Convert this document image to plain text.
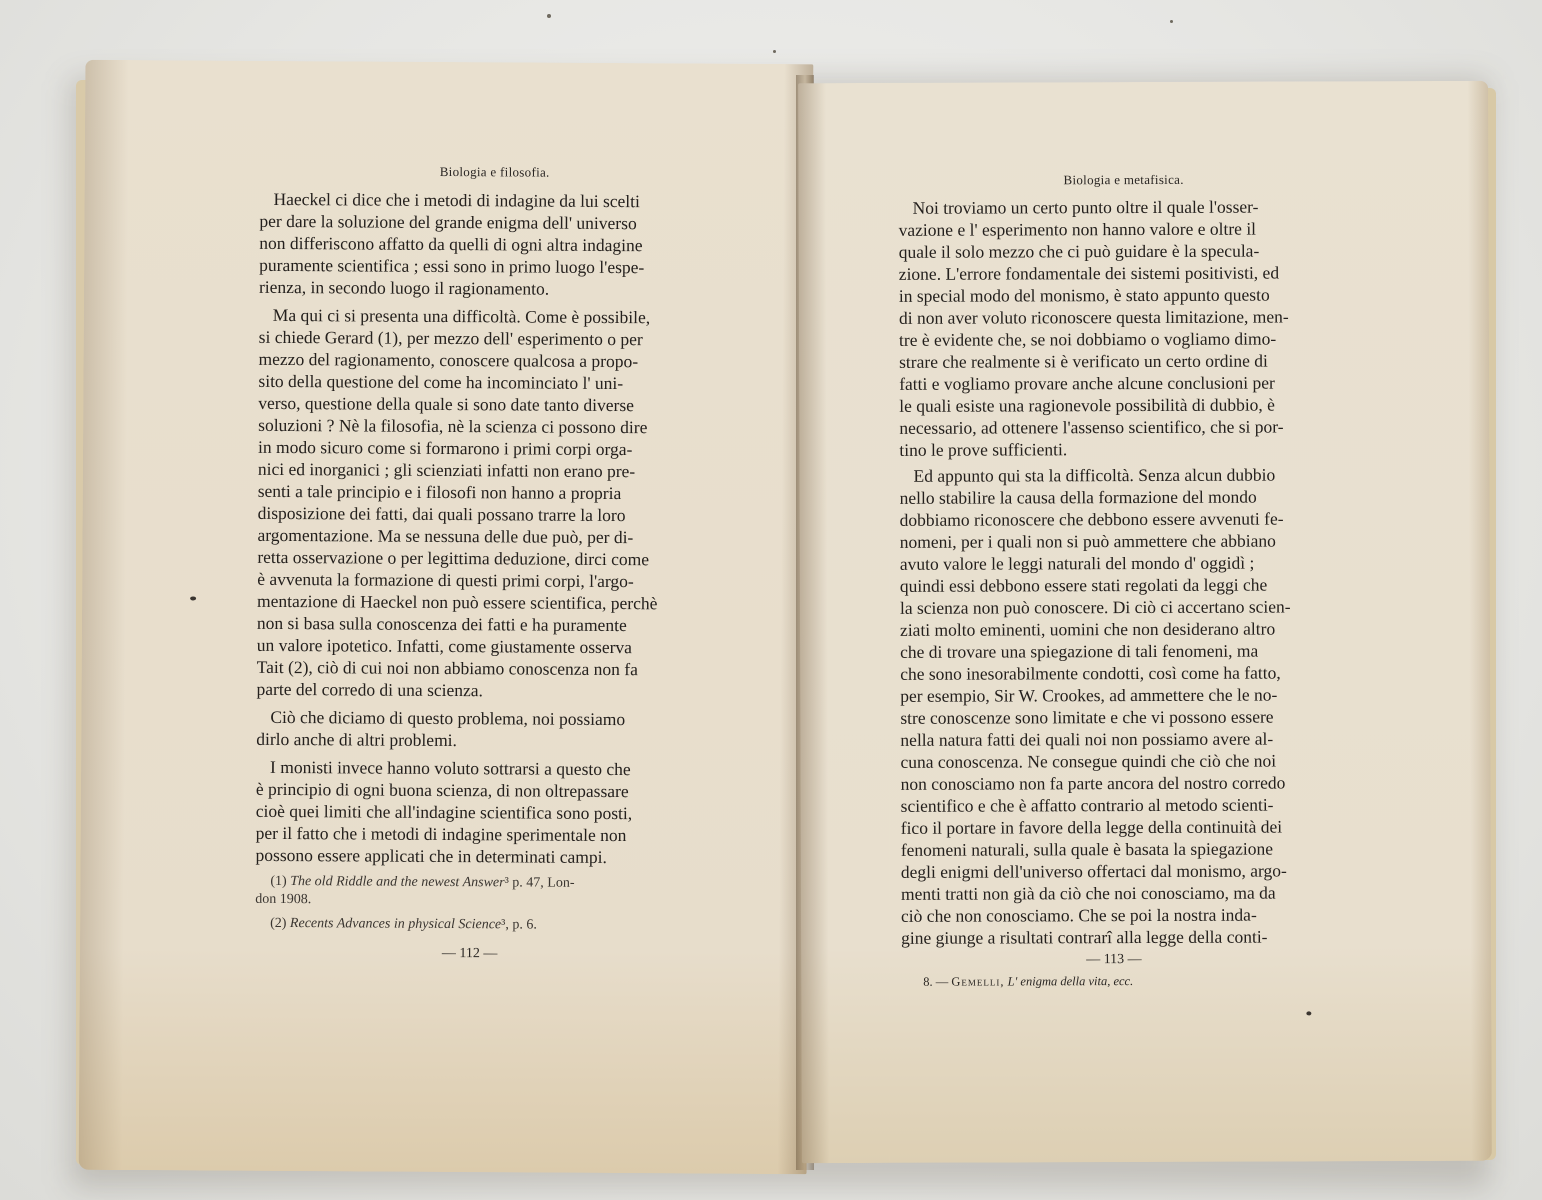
Biologia e filosofia.
Haeckel ci dice che i metodi di indagine da lui scelti
per dare la soluzione del grande enigma dell' universo
non differiscono affatto da quelli di ogni altra indagine
puramente scientifica ; essi sono in primo luogo l'espe-
rienza, in secondo luogo il ragionamento.
Ma qui ci si presenta una difficoltà. Come è possibile,
si chiede Gerard (1), per mezzo dell' esperimento o per
mezzo del ragionamento, conoscere qualcosa a propo-
sito della questione del come ha incominciato l' uni-
verso, questione della quale si sono date tanto diverse
soluzioni ? Nè la filosofia, nè la scienza ci possono dire
in modo sicuro come si formarono i primi corpi orga-
nici ed inorganici ; gli scienziati infatti non erano pre-
senti a tale principio e i filosofi non hanno a propria
disposizione dei fatti, dai quali possano trarre la loro
argomentazione. Ma se nessuna delle due può, per di-
retta osservazione o per legittima deduzione, dirci come
è avvenuta la formazione di questi primi corpi, l'argo-
mentazione di Haeckel non può essere scientifica, perchè
non si basa sulla conoscenza dei fatti e ha puramente
un valore ipotetico. Infatti, come giustamente osserva
Tait (2), ciò di cui noi non abbiamo conoscenza non fa
parte del corredo di una scienza.
Ciò che diciamo di questo problema, noi possiamo
dirlo anche di altri problemi.
I monisti invece hanno voluto sottrarsi a questo che
è principio di ogni buona scienza, di non oltrepassare
cioè quei limiti che all'indagine scientifica sono posti,
per il fatto che i metodi di indagine sperimentale non
possono essere applicati che in determinati campi.
(1) The old Riddle and the newest Answer³ p. 47, Lon-
don 1908.
(2) Recents Advances in physical Science³, p. 6.
— 112 —
Biologia e metafisica.
Noi troviamo un certo punto oltre il quale l'osser-
vazione e l' esperimento non hanno valore e oltre il
quale il solo mezzo che ci può guidare è la specula-
zione. L'errore fondamentale dei sistemi positivisti, ed
in special modo del monismo, è stato appunto questo
di non aver voluto riconoscere questa limitazione, men-
tre è evidente che, se noi dobbiamo o vogliamo dimo-
strare che realmente si è verificato un certo ordine di
fatti e vogliamo provare anche alcune conclusioni per
le quali esiste una ragionevole possibilità di dubbio, è
necessario, ad ottenere l'assenso scientifico, che si por-
tino le prove sufficienti.
Ed appunto qui sta la difficoltà. Senza alcun dubbio
nello stabilire la causa della formazione del mondo
dobbiamo riconoscere che debbono essere avvenuti fe-
nomeni, per i quali non si può ammettere che abbiano
avuto valore le leggi naturali del mondo d' oggidì ;
quindi essi debbono essere stati regolati da leggi che
la scienza non può conoscere. Di ciò ci accertano scien-
ziati molto eminenti, uomini che non desiderano altro
che di trovare una spiegazione di tali fenomeni, ma
che sono inesorabilmente condotti, così come ha fatto,
per esempio, Sir W. Crookes, ad ammettere che le no-
stre conoscenze sono limitate e che vi possono essere
nella natura fatti dei quali noi non possiamo avere al-
cuna conoscenza. Ne consegue quindi che ciò che noi
non conosciamo non fa parte ancora del nostro corredo
scientifico e che è affatto contrario al metodo scienti-
fico il portare in favore della legge della continuità dei
fenomeni naturali, sulla quale è basata la spiegazione
degli enigmi dell'universo offertaci dal monismo, argo-
menti tratti non già da ciò che noi conosciamo, ma da
ciò che non conosciamo. Che se poi la nostra inda-
gine giunge a risultati contrarî alla legge della conti-
— 113 —
8. — Gemelli, L' enigma della vita, ecc.
